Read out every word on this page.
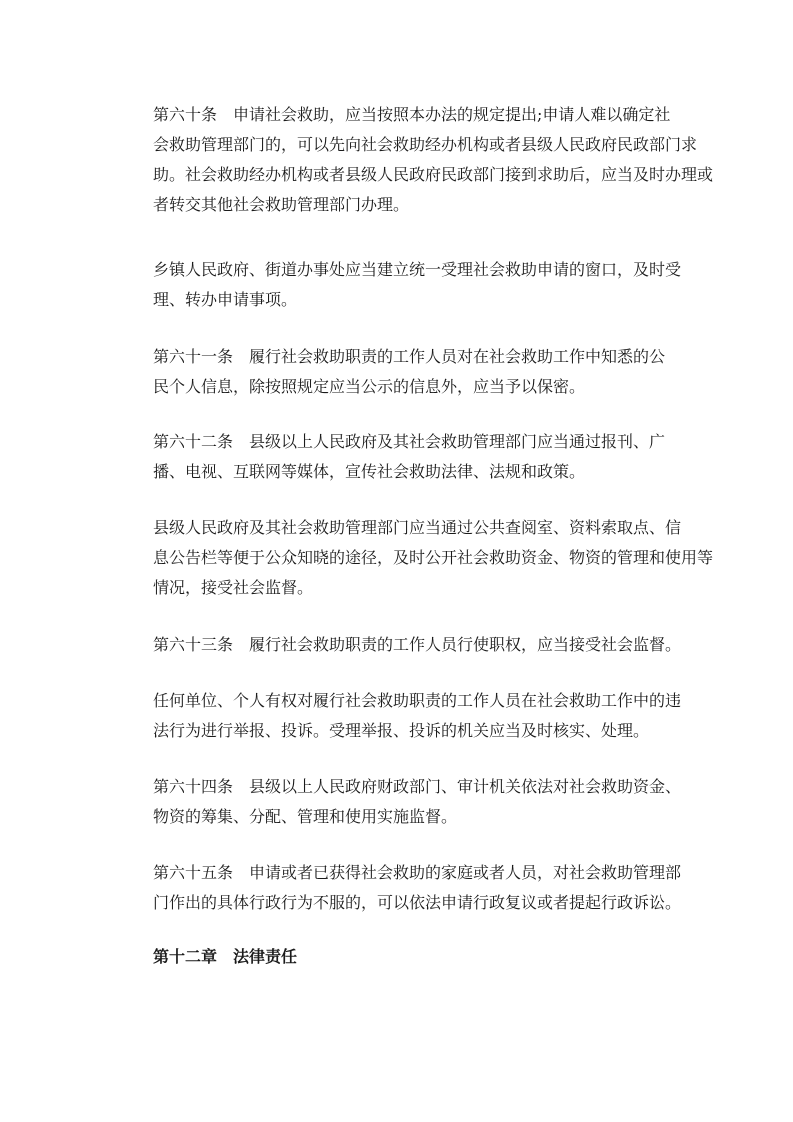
第六十条 申请社会救助，应当按照本办法的规定提出;申请人难以确定社
会救助管理部门的，可以先向社会救助经办机构或者县级人民政府民政部门求
助。社会救助经办机构或者县级人民政府民政部门接到求助后，应当及时办理或
者转交其他社会救助管理部门办理。
乡镇人民政府、街道办事处应当建立统一受理社会救助申请的窗口，及时受
理、转办申请事项。
第六十一条 履行社会救助职责的工作人员对在社会救助工作中知悉的公
民个人信息，除按照规定应当公示的信息外，应当予以保密。
第六十二条 县级以上人民政府及其社会救助管理部门应当通过报刊、广
播、电视、互联网等媒体，宣传社会救助法律、法规和政策。
县级人民政府及其社会救助管理部门应当通过公共查阅室、资料索取点、信
息公告栏等便于公众知晓的途径，及时公开社会救助资金、物资的管理和使用等
情况，接受社会监督。
第六十三条 履行社会救助职责的工作人员行使职权，应当接受社会监督。
任何单位、个人有权对履行社会救助职责的工作人员在社会救助工作中的违
法行为进行举报、投诉。受理举报、投诉的机关应当及时核实、处理。
第六十四条 县级以上人民政府财政部门、审计机关依法对社会救助资金、
物资的筹集、分配、管理和使用实施监督。
第六十五条 申请或者已获得社会救助的家庭或者人员，对社会救助管理部
门作出的具体行政行为不服的，可以依法申请行政复议或者提起行政诉讼。
第十二章　法律责任
